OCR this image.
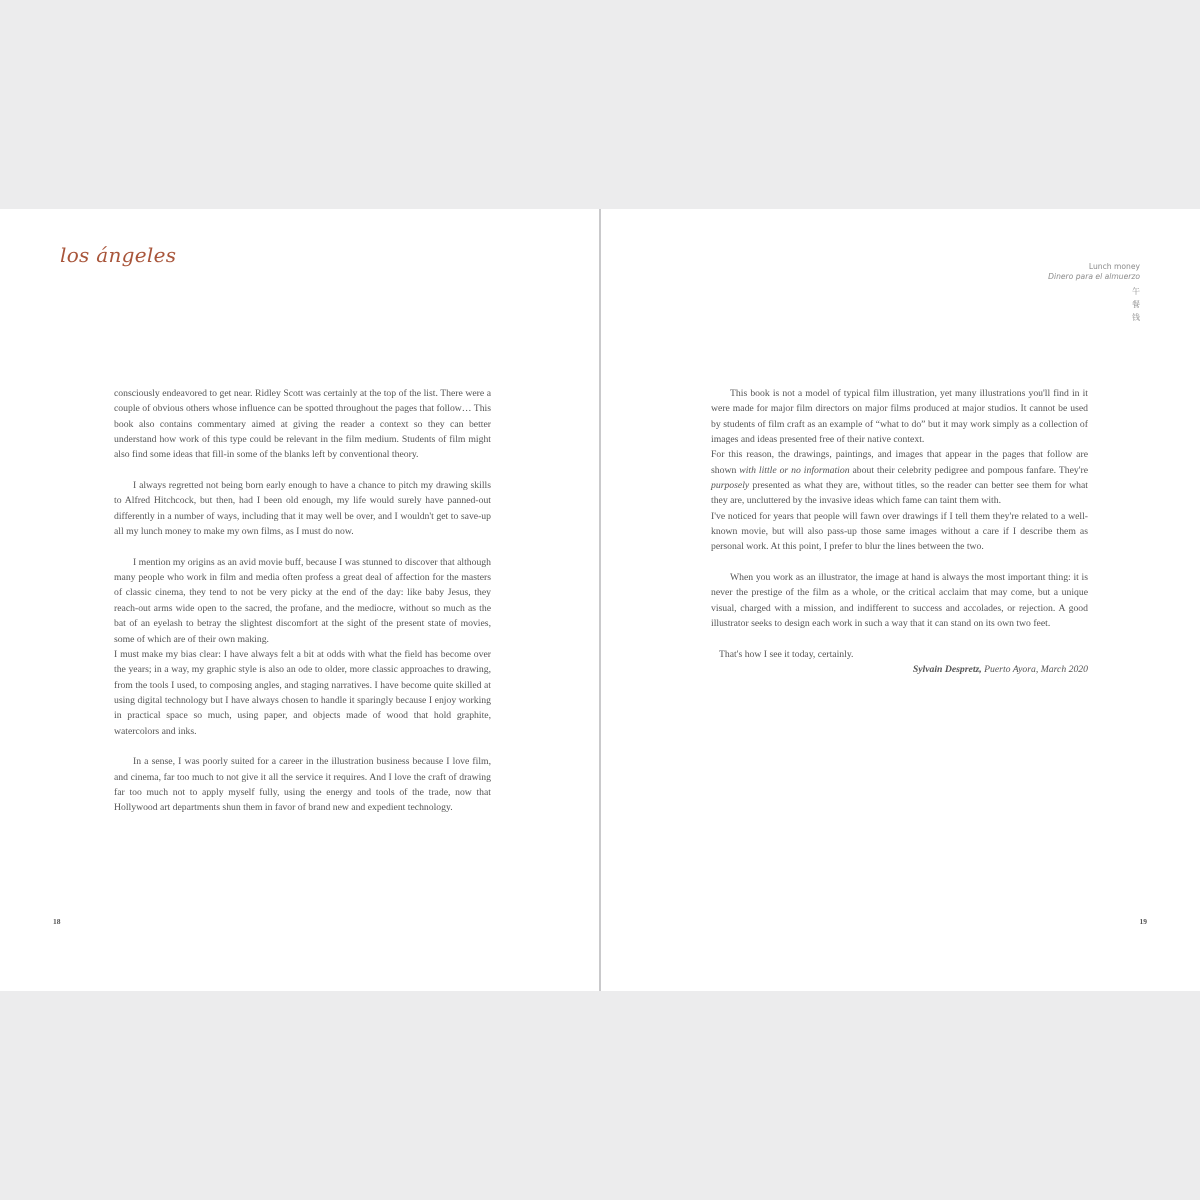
los ángeles

consciously endeavored to get near. Ridley Scott was certainly at the top of the list. There were a couple of obvious others whose influence can be spotted throughout the pages that follow… This book also contains commentary aimed at giving the reader a context so they can better understand how work of this type could be relevant in the film medium. Students of film might also find some ideas that fill-in some of the blanks left by conventional theory.

I always regretted not being born early enough to have a chance to pitch my drawing skills to Alfred Hitchcock, but then, had I been old enough, my life would surely have panned-out differently in a number of ways, including that it may well be over, and I wouldn't get to save-up all my lunch money to make my own films, as I must do now.

I mention my origins as an avid movie buff, because I was stunned to discover that although many people who work in film and media often profess a great deal of affection for the masters of classic cinema, they tend to not be very picky at the end of the day: like baby Jesus, they reach-out arms wide open to the sacred, the profane, and the mediocre, without so much as the bat of an eyelash to betray the slightest discomfort at the sight of the present state of movies, some of which are of their own making.

I must make my bias clear: I have always felt a bit at odds with what the field has become over the years; in a way, my graphic style is also an ode to older, more classic approaches to drawing, from the tools I used, to composing angles, and staging narratives. I have become quite skilled at using digital technology but I have always chosen to handle it sparingly because I enjoy working in practical space so much, using paper, and objects made of wood that hold graphite, watercolors and inks.

In a sense, I was poorly suited for a career in the illustration business because I love film, and cinema, far too much to not give it all the service it requires. And I love the craft of drawing far too much not to apply myself fully, using the energy and tools of the trade, now that Hollywood art departments shun them in favor of brand new and expedient technology.

18
Lunch money
Dinero para el almuerzo
午
餐
钱

This book is not a model of typical film illustration, yet many illustrations you'll find in it were made for major film directors on major films produced at major studios. It cannot be used by students of film craft as an example of “what to do” but it may work simply as a collection of images and ideas presented free of their native context.

For this reason, the drawings, paintings, and images that appear in the pages that follow are shown with little or no information about their celebrity pedigree and pompous fanfare. They're purposely presented as what they are, without titles, so the reader can better see them for what they are, uncluttered by the invasive ideas which fame can taint them with.

I've noticed for years that people will fawn over drawings if I tell them they're related to a well-known movie, but will also pass-up those same images without a care if I describe them as personal work. At this point, I prefer to blur the lines between the two.

When you work as an illustrator, the image at hand is always the most important thing: it is never the prestige of the film as a whole, or the critical acclaim that may come, but a unique visual, charged with a mission, and indifferent to success and accolades, or rejection. A good illustrator seeks to design each work in such a way that it can stand on its own two feet.

That's how I see it today, certainly.

Sylvain Despretz, Puerto Ayora, March 2020

19
